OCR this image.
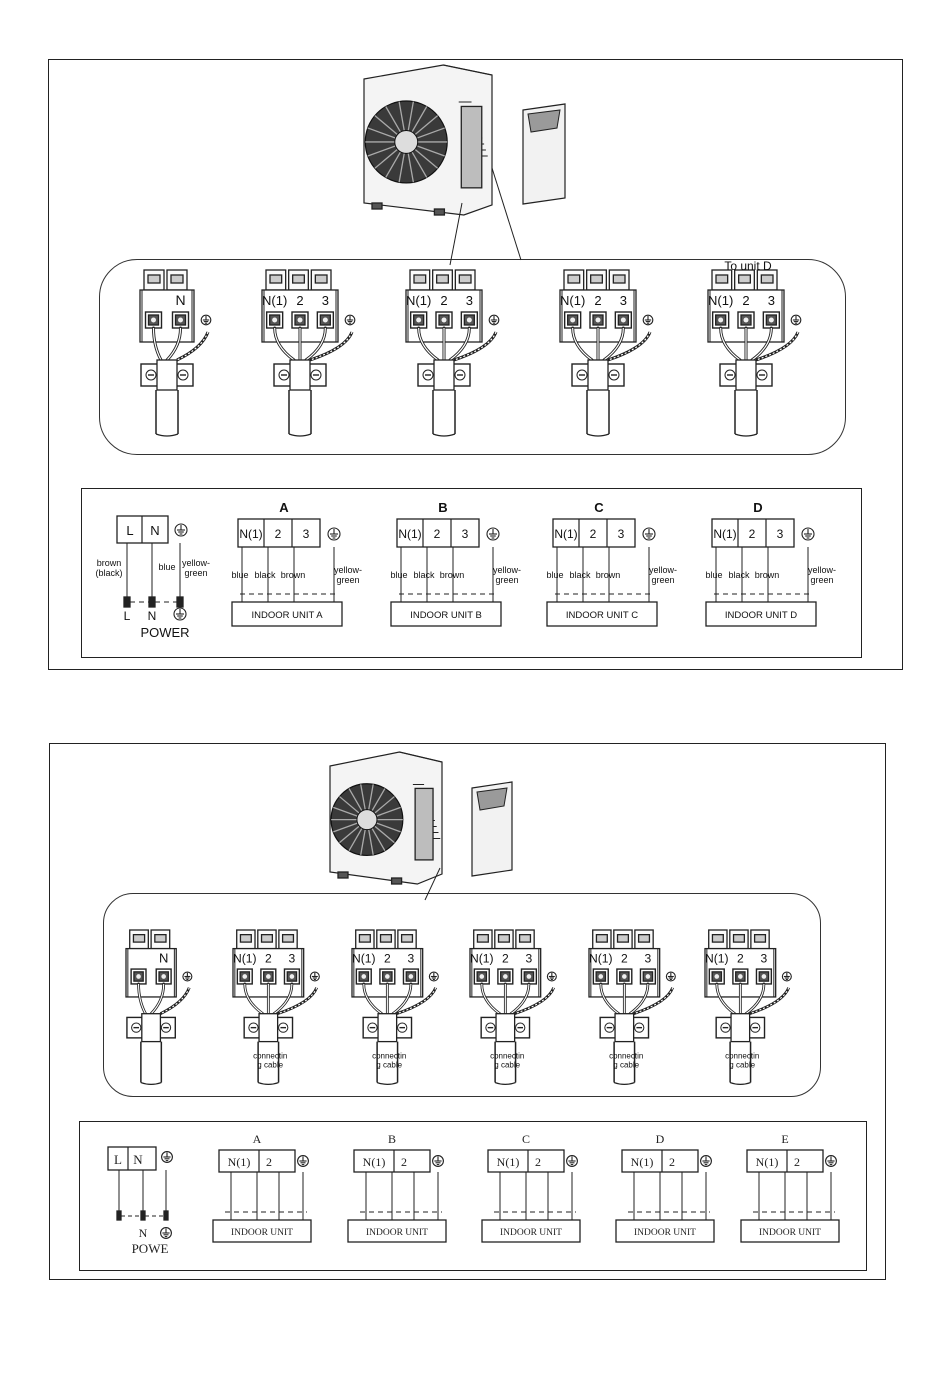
N	N(1) 2 3	N(1) 2 3	N(1) 2 3	N(1) 2 3
To unit D
L N
brown (black)
blue yellow-green
L N
POWER
A
N(1) 2 3
blue black brown	yellow-green
INDOOR UNIT A
B
N(1) 2 3
blue black brown	yellow-green
INDOOR UNIT B
C
N(1) 2 3
blue black brown	yellow-green
INDOOR UNIT C
D
N(1) 2 3
blue black brown	yellow-green
INDOOR UNIT D
N	N(1) 2 3
connectin g cable
N(1) 2 3
connectin g cable
N(1) 2 3
connectin g cable
N(1) 2 3
connectin g cable
N(1) 2 3
connectin g cable
L N
N
POWE
A
N(1) 2
INDOOR UNIT
B
N(1) 2
INDOOR UNIT
C
N(1) 2
INDOOR UNIT
D
N(1) 2
INDOOR UNIT
E
N(1) 2
INDOOR UNIT
